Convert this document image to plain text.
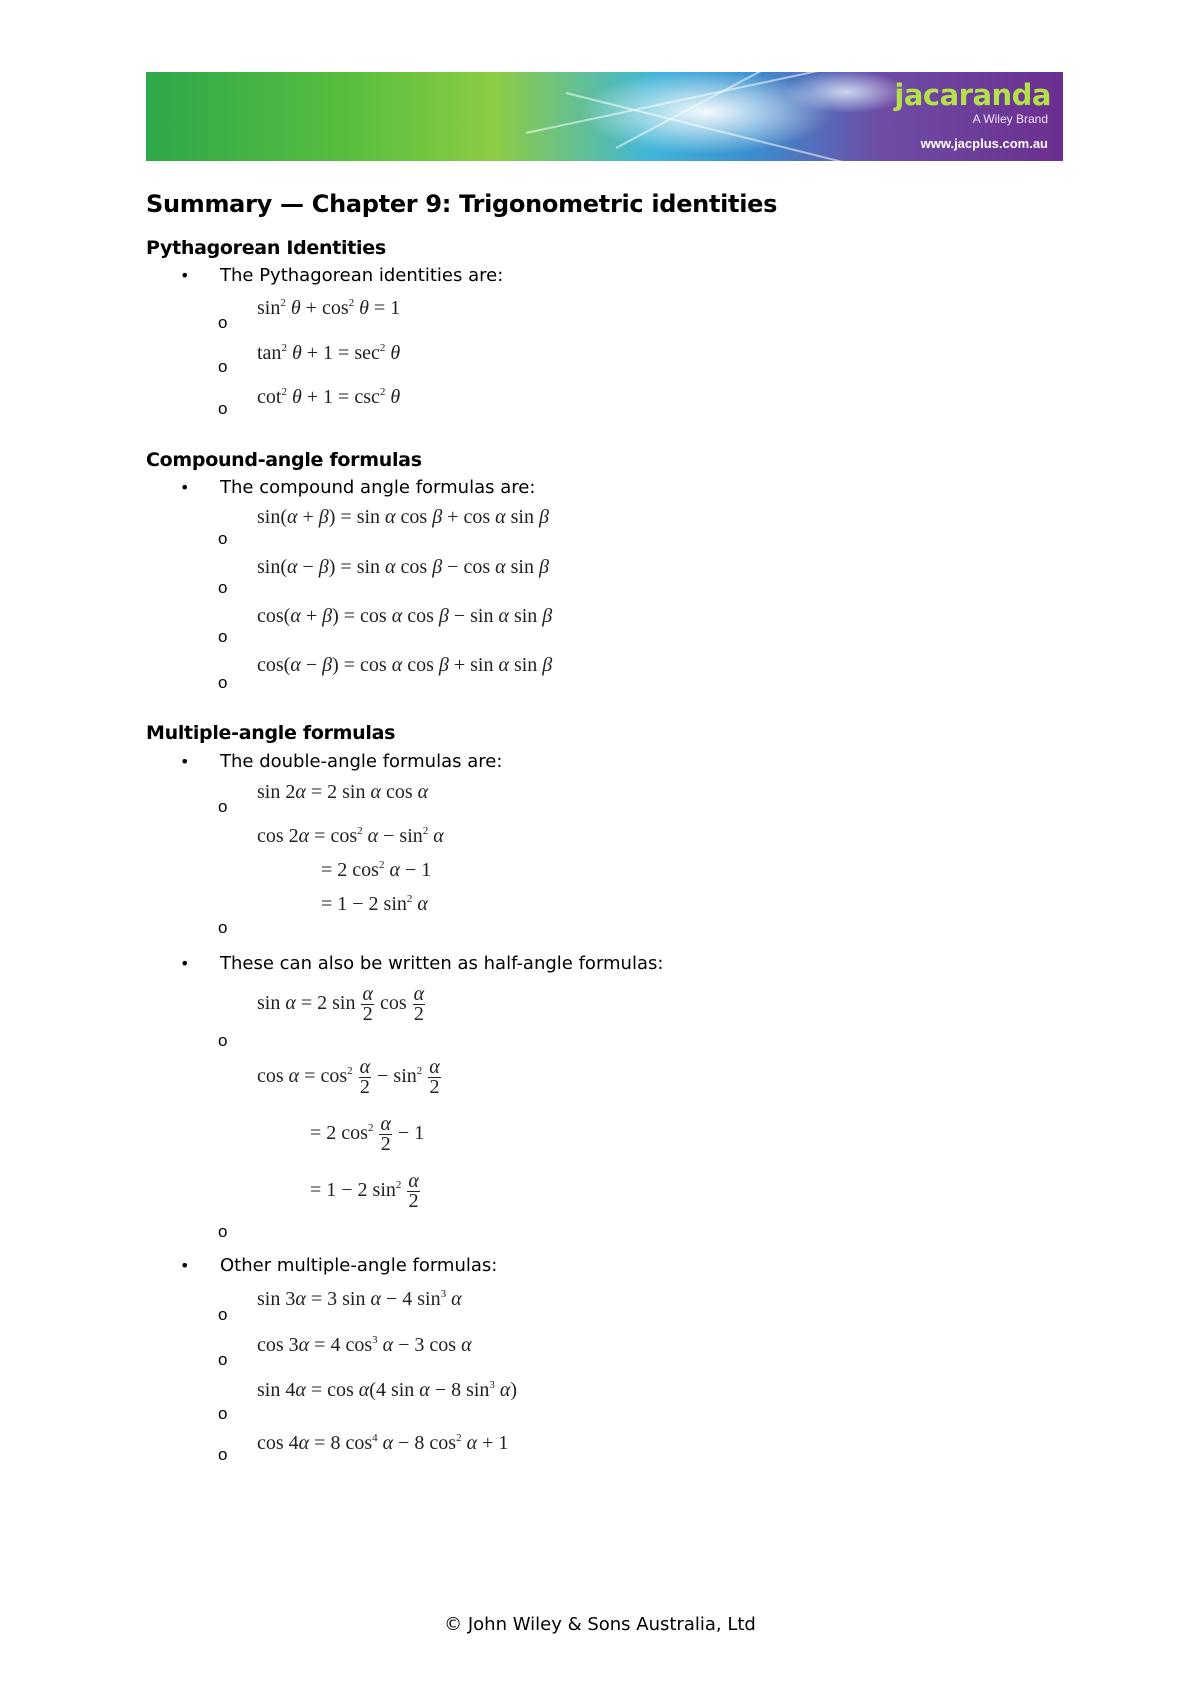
jacaranda
A Wiley Brand
www.jacplus.com.au
Summary — Chapter 9: Trigonometric identities
Pythagorean Identities
• The Pythagorean identities are:
o
$\sin^2 \theta + \cos^2 \theta = 1$
o
$\tan^2 \theta + 1 = \sec^2 \theta$
o
$\cot^2 \theta + 1 = \csc^2 \theta$
Compound-angle formulas
• The compound angle formulas are:
o
sin(α + β) = sin α cos β + cos α sin β
o
sin(α − β) = sin α cos β − cos α sin β
o
cos(α + β) = cos α cos β − sin α sin β
o
cos(α − β) = cos α cos β + sin α sin β
Multiple-angle formulas
• The double-angle formulas are:
o
sin 2α = 2 sin α cos α
$\cos 2\alpha = \cos^2 \alpha - \sin^2 \alpha$
= 2 $\cos^2 \alpha - 1$
= 1 − 2 $\sin^2 \alpha$
o
• These can also be written as half-angle formulas:
sin α = 2 $\sin \frac{\alpha}{2}$ $\cos \frac{\alpha}{2}$
o
$\cos \alpha = \cos^2 \frac{\alpha}{2} - \sin^2 \frac{\alpha}{2}$
= 2 $\cos^2 \frac{\alpha}{2} - 1$
= 1 − 2 $\sin^2 \frac{\alpha}{2}$
o
• Other multiple-angle formulas:
o
sin 3α = 3 sin α − 4 $\sin^3 \alpha$
o
cos 3α = 4 $\cos^3 \alpha - 3$ cos α
o
sin 4α = cos α(4 sin α − 8 $\sin^3 \alpha$)
o
cos 4α = 8 $\cos^4 \alpha - 8$ $\cos^2 \alpha + 1$
© John Wiley & Sons Australia, Ltd
